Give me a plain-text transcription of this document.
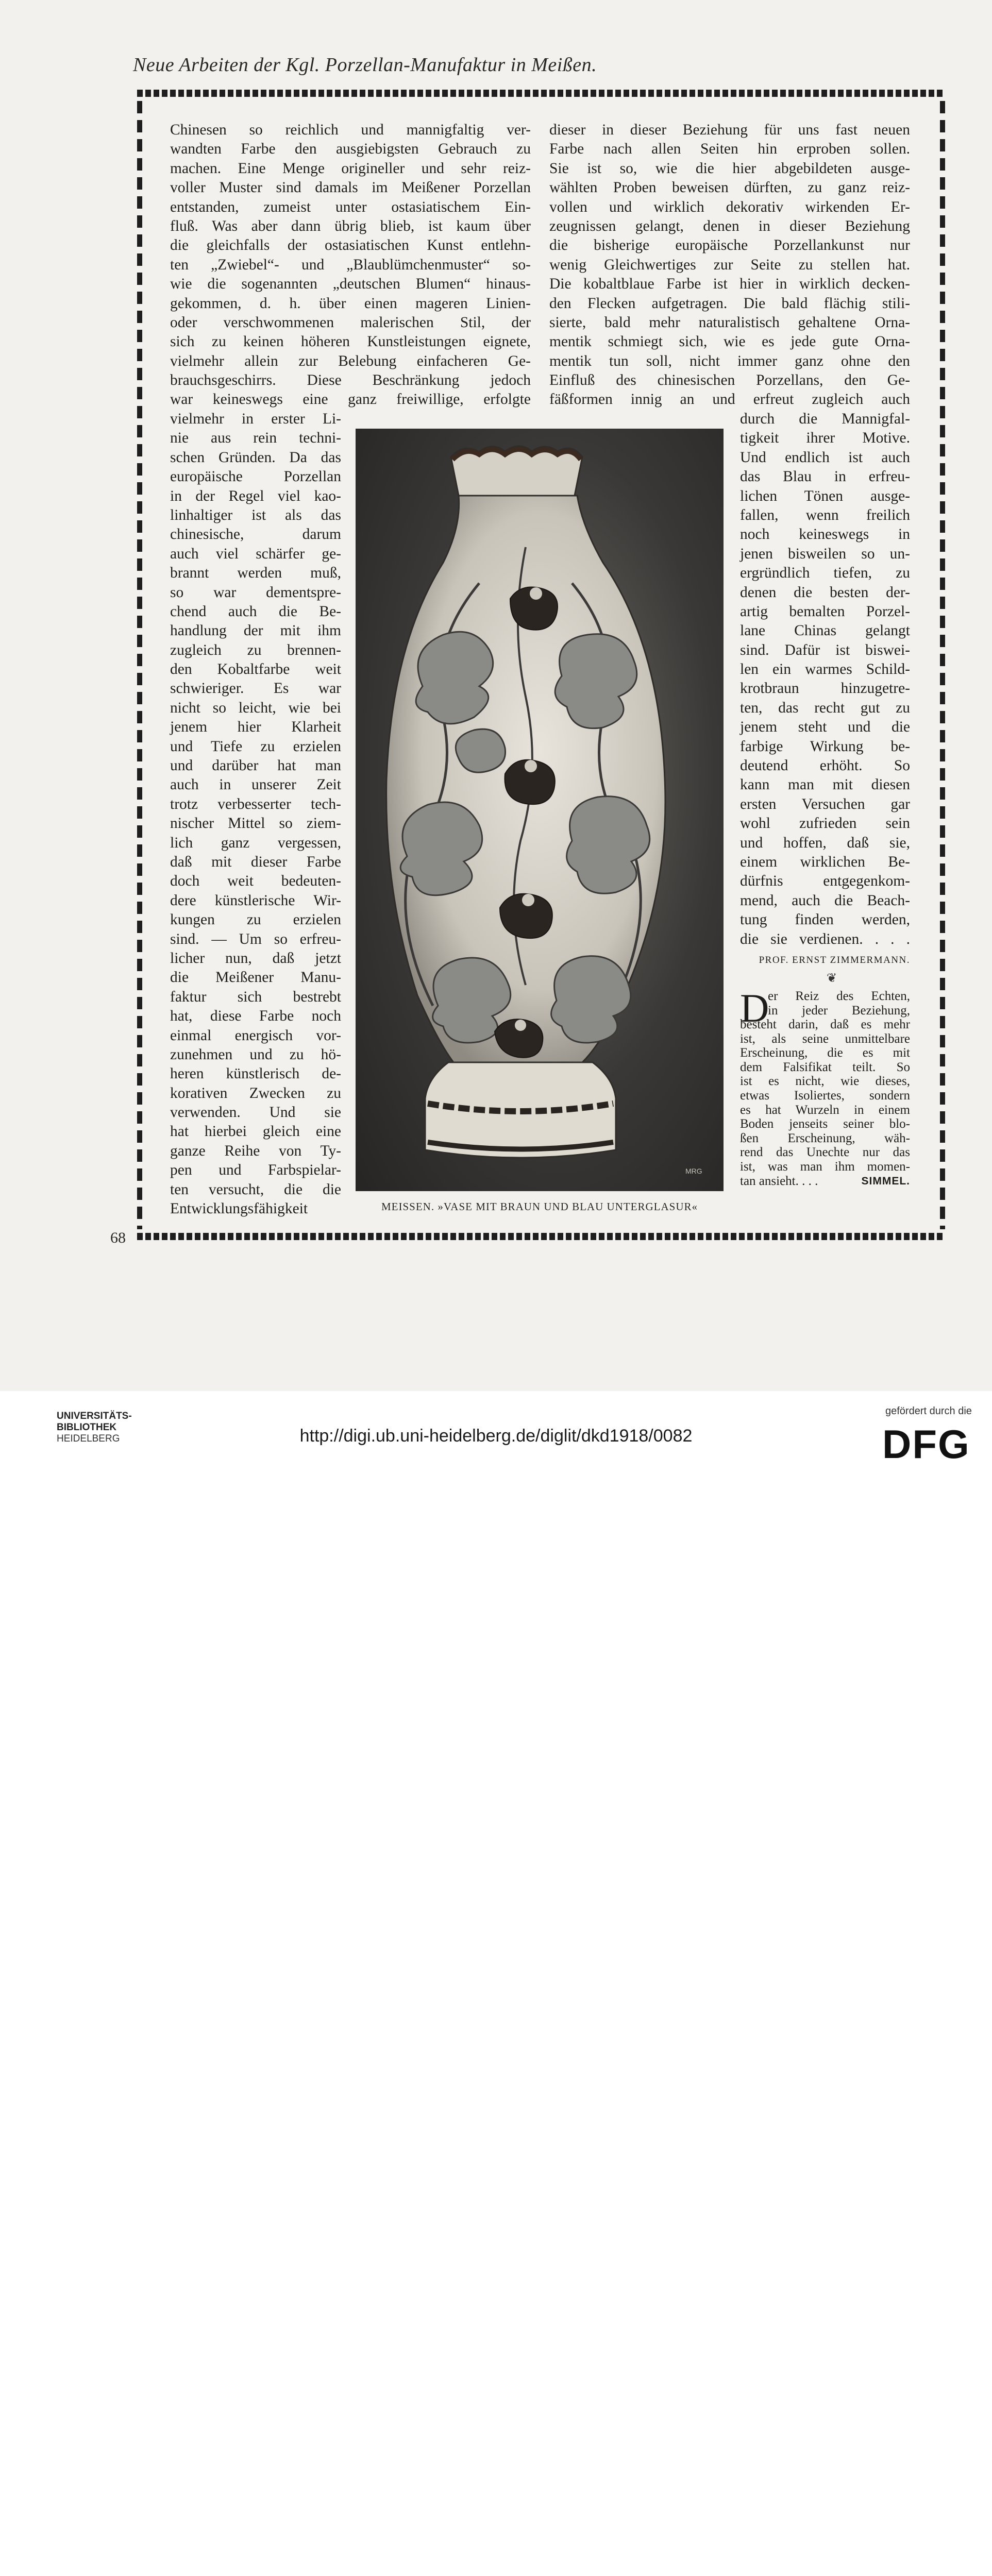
Neue Arbeiten der Kgl. Porzellan-Manufaktur in Meißen.
Chinesen so reichlich und mannigfaltig ver-
wandten Farbe den ausgiebigsten Gebrauch zu
machen. Eine Menge origineller und sehr reiz-
voller Muster sind damals im Meißener Porzellan
entstanden, zumeist unter ostasiatischem Ein-
fluß. Was aber dann übrig blieb, ist kaum über
die gleichfalls der ostasiatischen Kunst entlehn-
ten „Zwiebel“- und „Blaublümchenmuster“ so-
wie die sogenannten „deutschen Blumen“ hinaus-
gekommen, d. h. über einen mageren Linien-
oder verschwommenen malerischen Stil, der
sich zu keinen höheren Kunstleistungen eignete,
vielmehr allein zur Belebung einfacheren Ge-
brauchsgeschirrs. Diese Beschränkung jedoch
war keineswegs eine ganz freiwillige, erfolgte
vielmehr in erster Li-
nie aus rein techni-
schen Gründen. Da das
europäische Porzellan
in der Regel viel kao-
linhaltiger ist als das
chinesische, darum
auch viel schärfer ge-
brannt werden muß,
so war dementspre-
chend auch die Be-
handlung der mit ihm
zugleich zu brennen-
den Kobaltfarbe weit
schwieriger. Es war
nicht so leicht, wie bei
jenem hier Klarheit
und Tiefe zu erzielen
und darüber hat man
auch in unserer Zeit
trotz verbesserter tech-
nischer Mittel so ziem-
lich ganz vergessen,
daß mit dieser Farbe
doch weit bedeuten-
dere künstlerische Wir-
kungen zu erzielen
sind. — Um so erfreu-
licher nun, daß jetzt
die Meißener Manu-
faktur sich bestrebt
hat, diese Farbe noch
einmal energisch vor-
zunehmen und zu hö-
heren künstlerisch de-
korativen Zwecken zu
verwenden. Und sie
hat hierbei gleich eine
ganze Reihe von Ty-
pen und Farbspielar-
ten versucht, die die
Entwicklungsfähigkeit
dieser in dieser Beziehung für uns fast neuen
Farbe nach allen Seiten hin erproben sollen.
Sie ist so, wie die hier abgebildeten ausge-
wählten Proben beweisen dürften, zu ganz reiz-
vollen und wirklich dekorativ wirkenden Er-
zeugnissen gelangt, denen in dieser Beziehung
die bisherige europäische Porzellankunst nur
wenig Gleichwertiges zur Seite zu stellen hat.
Die kobaltblaue Farbe ist hier in wirklich decken-
den Flecken aufgetragen. Die bald flächig stili-
sierte, bald mehr naturalistisch gehaltene Orna-
mentik schmiegt sich, wie es jede gute Orna-
mentik tun soll, nicht immer ganz ohne den
Einfluß des chinesischen Porzellans, den Ge-
fäßformen innig an und erfreut zugleich auch
durch die Mannigfal-
tigkeit ihrer Motive.
Und endlich ist auch
das Blau in erfreu-
lichen Tönen ausge-
fallen, wenn freilich
noch keineswegs in
jenen bisweilen so un-
ergründlich tiefen, zu
denen die besten der-
artig bemalten Porzel-
lane Chinas gelangt
sind. Dafür ist biswei-
len ein warmes Schild-
krotbraun hinzugetre-
ten, das recht gut zu
jenem steht und die
farbige Wirkung be-
deutend erhöht. So
kann man mit diesen
ersten Versuchen gar
wohl zufrieden sein
und hoffen, daß sie,
einem wirklichen Be-
dürfnis entgegenkom-
mend, auch die Beach-
tung finden werden,
die sie verdienen. . . .
PROF. ERNST ZIMMERMANN.
❦
D
er Reiz des Echten,
in jeder Beziehung,
besteht darin, daß es mehr
ist, als seine unmittelbare
Erscheinung, die es mit
dem Falsifikat teilt. So
ist es nicht, wie dieses,
etwas Isoliertes, sondern
es hat Wurzeln in einem
Boden jenseits seiner blo-
ßen Erscheinung, wäh-
rend das Unechte nur das
ist, was man ihm momen-
tan ansieht. . . .	SIMMEL.
MRG
MEISSEN. »VASE MIT BRAUN UND BLAU UNTERGLASUR«
68
UNIVERSITÄTS-
BIBLIOTHEK
HEIDELBERG	http://digi.ub.uni-heidelberg.de/diglit/dkd1918/0082
gefördert durch die
DFG
